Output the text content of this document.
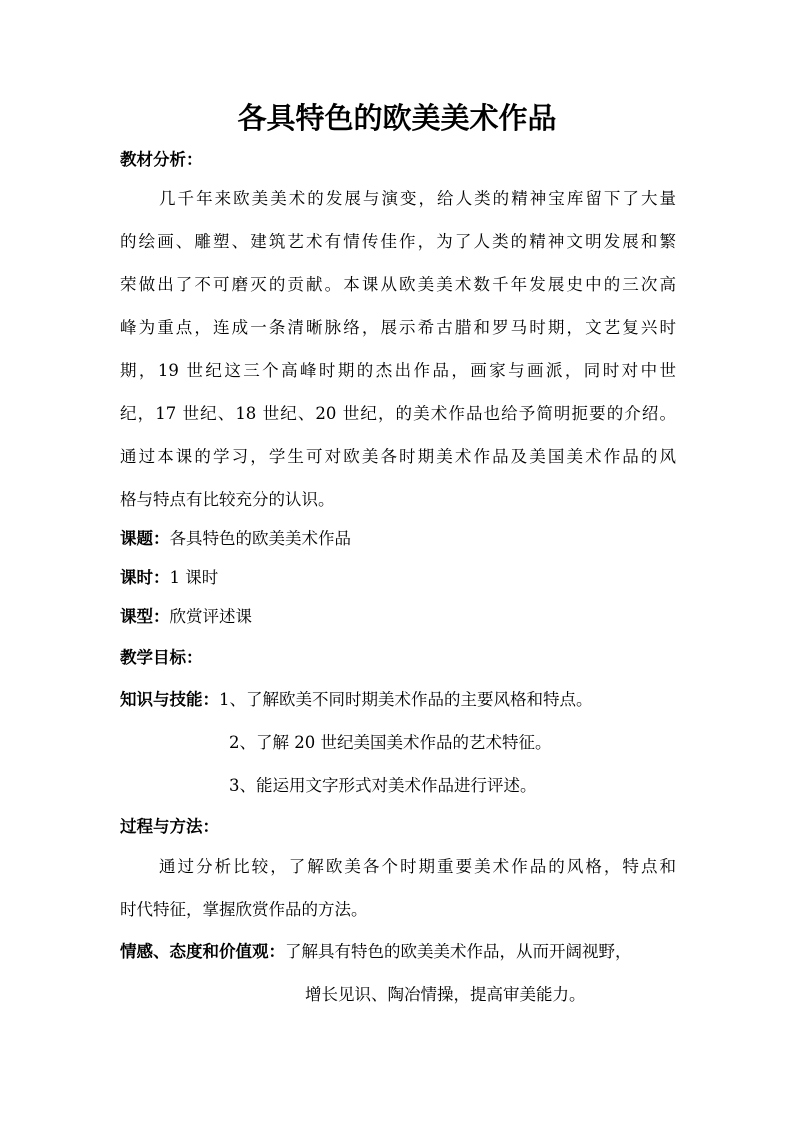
各具特色的欧美美术作品
教材分析：
几千年来欧美美术的发展与演变，给人类的精神宝库留下了大量
的绘画、雕塑、建筑艺术有情传佳作，为了人类的精神文明发展和繁
荣做出了不可磨灭的贡献。本课从欧美美术数千年发展史中的三次高
峰为重点，连成一条清晰脉络，展示希古腊和罗马时期，文艺复兴时
期，19 世纪这三个高峰时期的杰出作品，画家与画派，同时对中世
纪，17 世纪、18 世纪、20 世纪，的美术作品也给予简明扼要的介绍。
通过本课的学习，学生可对欧美各时期美术作品及美国美术作品的风
格与特点有比较充分的认识。
课题：各具特色的欧美美术作品
课时：1 课时
课型：欣赏评述课
教学目标：
知识与技能：1、了解欧美不同时期美术作品的主要风格和特点。
2、了解 20 世纪美国美术作品的艺术特征。
3、能运用文字形式对美术作品进行评述。
过程与方法：
通过分析比较，了解欧美各个时期重要美术作品的风格，特点和
时代特征，掌握欣赏作品的方法。
情感、态度和价值观：了解具有特色的欧美美术作品，从而开阔视野，
增长见识、陶冶情操，提高审美能力。
